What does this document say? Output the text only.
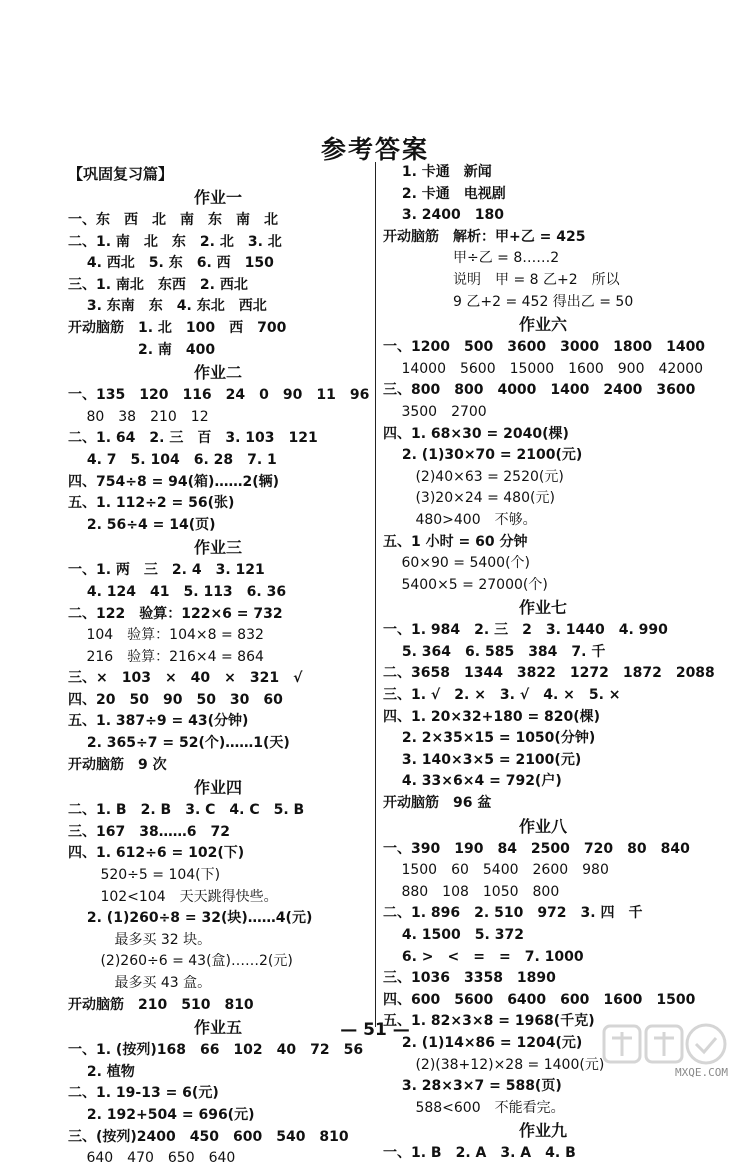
参考答案
【巩固复习篇】
作业一
一、东　西　北　南　东　南　北
二、1. 南　北　东　2. 北　3. 北
　 4. 西北　5. 东　6. 西　150
三、1. 南北　东西　2. 西北
　 3. 东南　东　4. 东北　西北
开动脑筋　1. 北　100　西　700
　　　　　2. 南　400
作业二
一、135　120　116　24　0　90　11　96
　 80　38　210　12
二、1. 64　2. 三　百　3. 103　121
　 4. 7　5. 104　6. 28　7. 1
四、754÷8 = 94(箱)……2(辆)
五、1. 112÷2 = 56(张)
　 2. 56÷4 = 14(页)
作业三
一、1. 两　三　2. 4　3. 121
　 4. 124　41　5. 113　6. 36
二、122　验算：122×6 = 732
　 104　验算：104×8 = 832
　 216　验算：216×4 = 864
三、×　103　×　40　×　321　√
四、20　50　90　50　30　60
五、1. 387÷9 = 43(分钟)
　 2. 365÷7 = 52(个)……1(天)
开动脑筋　9 次
作业四
二、1. B　2. B　3. C　4. C　5. B
三、167　38……6　72
四、1. 612÷6 = 102(下)
　 　520÷5 = 104(下)
　 　102<104　天天跳得快些。
　 2. (1)260÷8 = 32(块)……4(元)
　 　　最多买 32 块。
　 　(2)260÷6 = 43(盒)……2(元)
　 　　最多买 43 盒。
开动脑筋　210　510　810
作业五
一、1. (按列)168　66　102　40　72　56
　 2. 植物
二、1. 19-13 = 6(元)
　 2. 192+504 = 696(元)
三、(按列)2400　450　600　540　810
　 640　470　650　640
　 1. 卡通　新闻
　 2. 卡通　电视剧
　 3. 2400　180
开动脑筋　解析：甲+乙 = 425
　　　　　甲÷乙 = 8……2
　　　　　说明　甲 = 8 乙+2　所以
　　　　　9 乙+2 = 452 得出乙 = 50
作业六
一、1200　500　3600　3000　1800　1400
　 14000　5600　15000　1600　900　42000
三、800　800　4000　1400　2400　3600
　 3500　2700
四、1. 68×30 = 2040(棵)
　 2. (1)30×70 = 2100(元)
　 　(2)40×63 = 2520(元)
　 　(3)20×24 = 480(元)
　 　480>400　不够。
五、1 小时 = 60 分钟
　 60×90 = 5400(个)
　 5400×5 = 27000(个)
作业七
一、1. 984　2. 三　2　3. 1440　4. 990
　 5. 364　6. 585　384　7. 千
二、3658　1344　3822　1272　1872　2088
三、1. √　2. ×　3. √　4. ×　5. ×
四、1. 20×32+180 = 820(棵)
　 2. 2×35×15 = 1050(分钟)
　 3. 140×3×5 = 2100(元)
　 4. 33×6×4 = 792(户)
开动脑筋　96 盆
作业八
一、390　190　84　2500　720　80　840
　 1500　60　5400　2600　980
　 880　108　1050　800
二、1. 896　2. 510　972　3. 四　千
　 4. 1500　5. 372
　 6. >　<　=　=　7. 1000
三、1036　3358　1890
四、600　5600　6400　600　1600　1500
五、1. 82×3×8 = 1968(千克)
　 2. (1)14×86 = 1204(元)
　 　(2)(38+12)×28 = 1400(元)
　 3. 28×3×7 = 588(页)
　 　588<600　不能看完。
作业九
一、1. B　2. A　3. A　4. B
— 51 —
MXQE.COM
